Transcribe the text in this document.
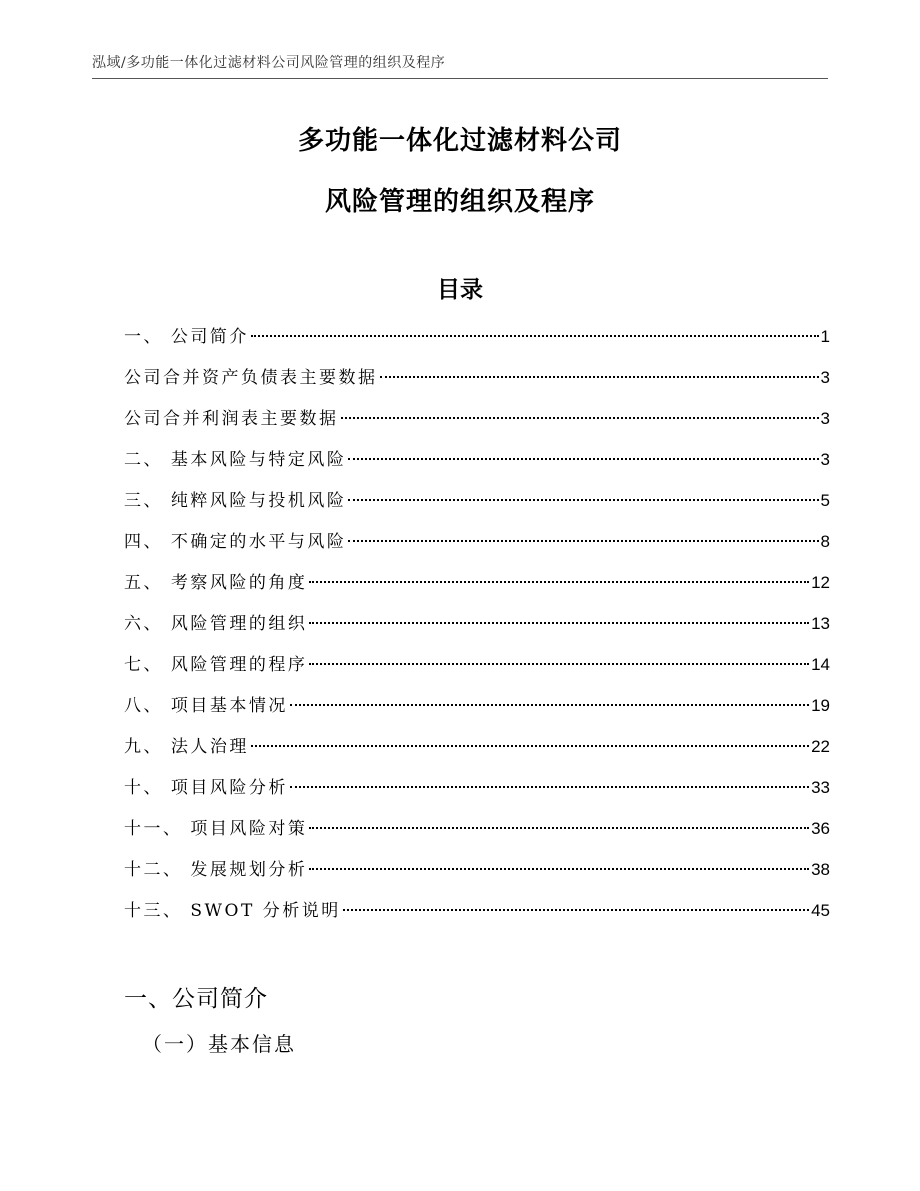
泓域/多功能一体化过滤材料公司风险管理的组织及程序
多功能一体化过滤材料公司
风险管理的组织及程序
目录
一、 公司简介	1
公司合并资产负债表主要数据	3
公司合并利润表主要数据	3
二、 基本风险与特定风险	3
三、 纯粹风险与投机风险	5
四、 不确定的水平与风险	8
五、 考察风险的角度	12
六、 风险管理的组织	13
七、 风险管理的程序	14
八、 项目基本情况	19
九、 法人治理	22
十、 项目风险分析	33
十一、 项目风险对策	36
十二、 发展规划分析	38
十三、 SWOT 分析说明	45
一、公司简介
（一）基本信息
